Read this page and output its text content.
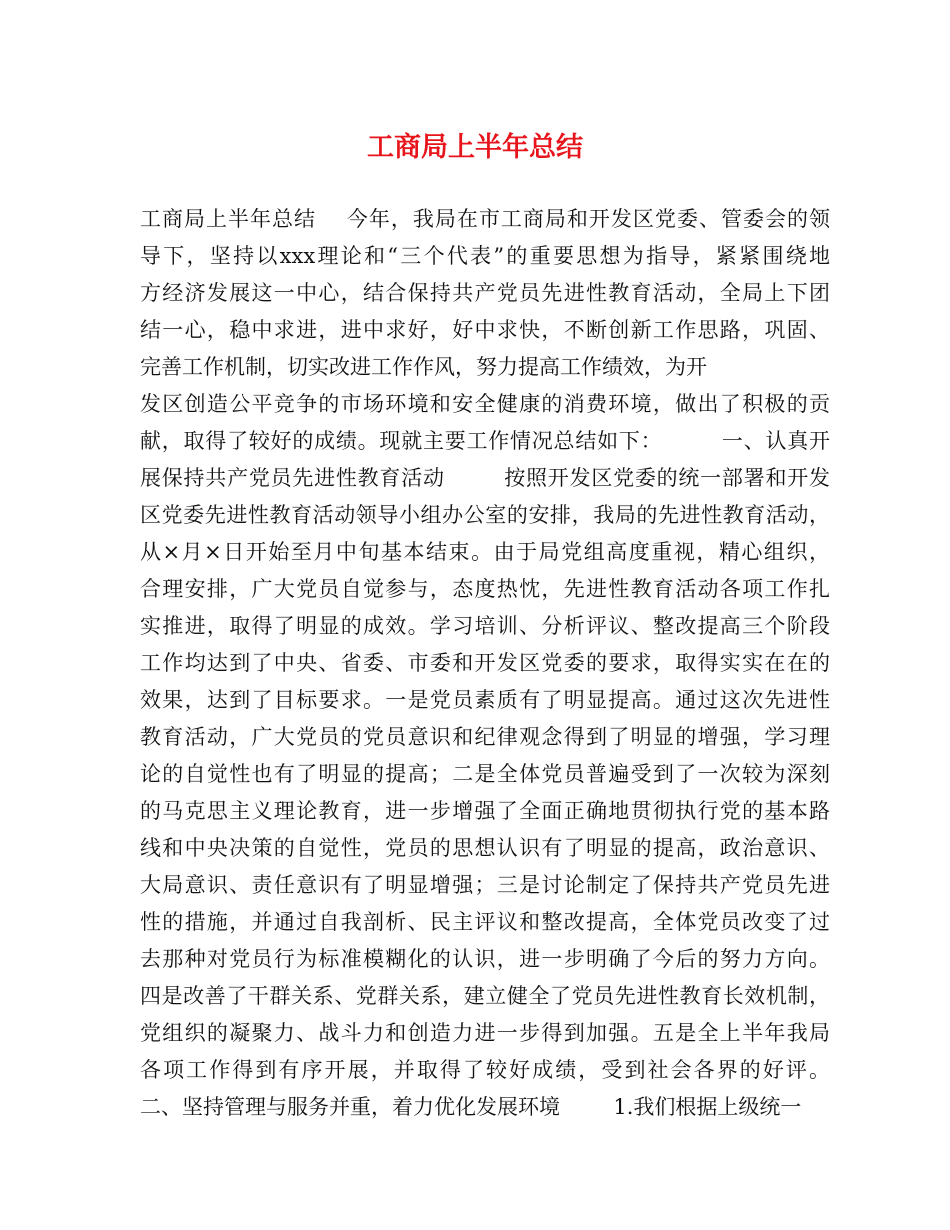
工商局上半年总结
工商局上半年总结    今年，我局在市工商局和开发区党委、管委会的领
导下，坚持以xxx理论和“三个代表”的重要思想为指导，紧紧围绕地
方经济发展这一中心，结合保持共产党员先进性教育活动，全局上下团
结一心，稳中求进，进中求好，好中求快，不断创新工作思路，巩固、
完善工作机制，切实改进工作作风，努力提高工作绩效，为开
发区创造公平竞争的市场环境和安全健康的消费环境，做出了积极的贡
献，取得了较好的成绩。现就主要工作情况总结如下：        一、认真开
展保持共产党员先进性教育活动        按照开发区党委的统一部署和开发
区党委先进性教育活动领导小组办公室的安排，我局的先进性教育活动，
从×月×日开始至月中旬基本结束。由于局党组高度重视，精心组织，
合理安排，广大党员自觉参与，态度热忱，先进性教育活动各项工作扎
实推进，取得了明显的成效。学习培训、分析评议、整改提高三个阶段
工作均达到了中央、省委、市委和开发区党委的要求，取得实实在在的
效果，达到了目标要求。一是党员素质有了明显提高。通过这次先进性
教育活动，广大党员的党员意识和纪律观念得到了明显的增强，学习理
论的自觉性也有了明显的提高；二是全体党员普遍受到了一次较为深刻
的马克思主义理论教育，进一步增强了全面正确地贯彻执行党的基本路
线和中央决策的自觉性，党员的思想认识有了明显的提高，政治意识、
大局意识、责任意识有了明显增强；三是讨论制定了保持共产党员先进
性的措施，并通过自我剖析、民主评议和整改提高，全体党员改变了过
去那种对党员行为标准模糊化的认识，进一步明确了今后的努力方向。
四是改善了干群关系、党群关系，建立健全了党员先进性教育长效机制，
党组织的凝聚力、战斗力和创造力进一步得到加强。五是全上半年我局
各项工作得到有序开展，并取得了较好成绩，受到社会各界的好评。
二、坚持管理与服务并重，着力优化发展环境        1.我们根据上级统一
